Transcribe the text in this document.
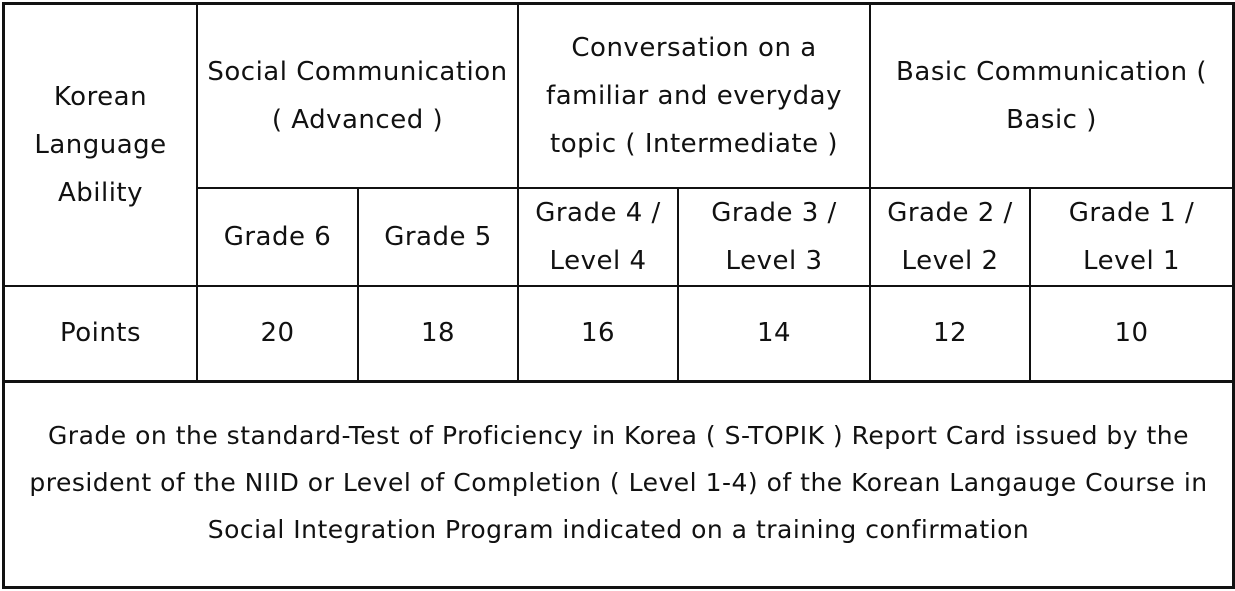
Korean Language Ability	Social Communication ( Advanced )		Conversation on a familiar and everyday topic ( Intermediate )		Basic Communication ( Basic )	
	Grade 6	Grade 5	Grade 4 / Level 4	Grade 3 / Level 3	Grade 2 / Level 2	Grade 1 / Level 1
Points	20	18	16	14	12	10
Grade on the standard-Test of Proficiency in Korea ( S-TOPIK ) Report Card issued by the president of the NIID or Level of Completion ( Level 1-4) of the Korean Langauge Course in Social Integration Program indicated on a training confirmation
